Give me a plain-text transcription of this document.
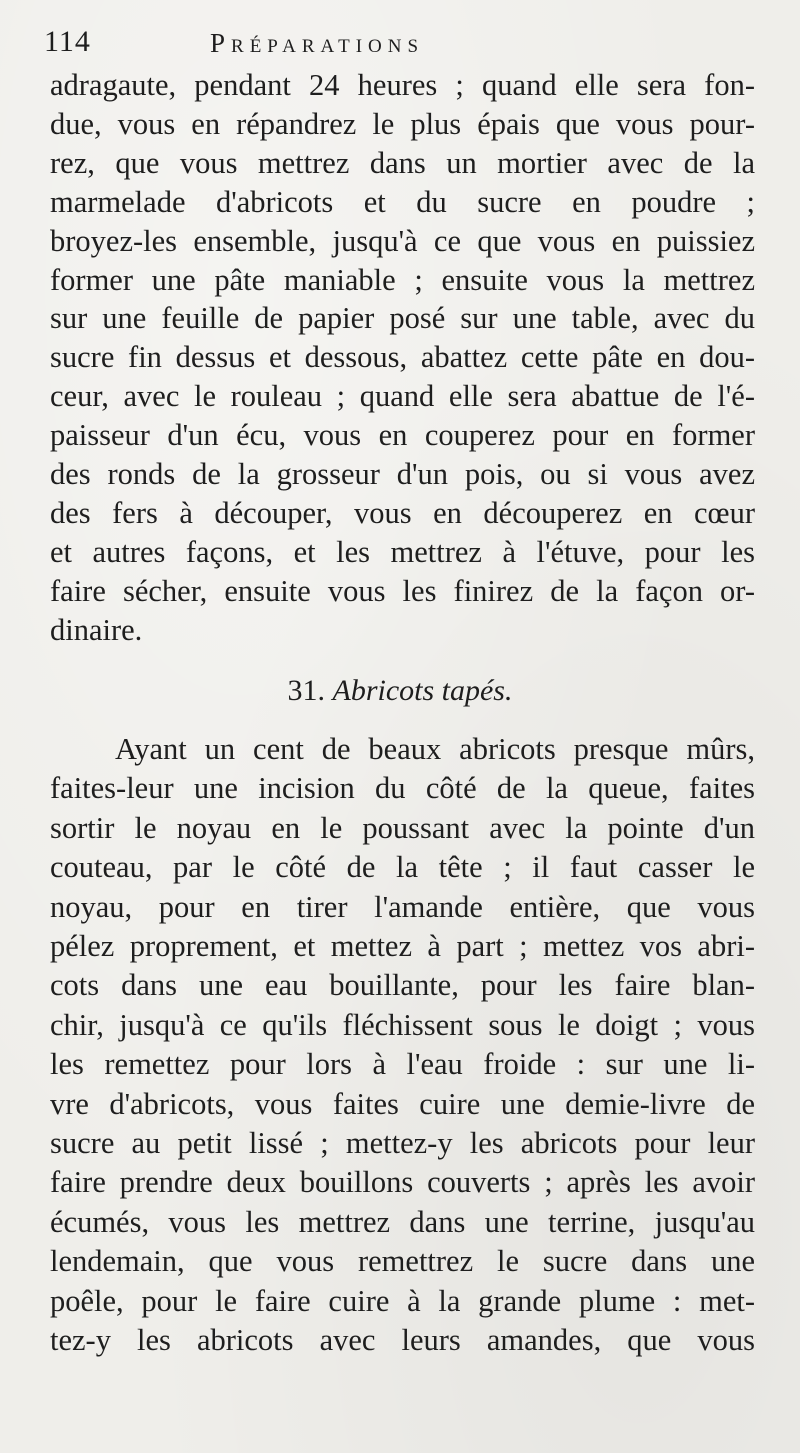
114	Préparations
adragaute, pendant 24 heures ; quand elle sera fon-
due, vous en répandrez le plus épais que vous pour-
rez, que vous mettrez dans un mortier avec de la
marmelade d'abricots et du sucre en poudre ;
broyez-les ensemble, jusqu'à ce que vous en puissiez
former une pâte maniable ; ensuite vous la mettrez
sur une feuille de papier posé sur une table, avec du
sucre fin dessus et dessous, abattez cette pâte en dou-
ceur, avec le rouleau ; quand elle sera abattue de l'é-
paisseur d'un écu, vous en couperez pour en former
des ronds de la grosseur d'un pois, ou si vous avez
des fers à découper, vous en découperez en cœur
et autres façons, et les mettrez à l'étuve, pour les
faire sécher, ensuite vous les finirez de la façon or-
dinaire.
31. Abricots tapés.
Ayant un cent de beaux abricots presque mûrs,
faites-leur une incision du côté de la queue, faites
sortir le noyau en le poussant avec la pointe d'un
couteau, par le côté de la tête ; il faut casser le
noyau, pour en tirer l'amande entière, que vous
pélez proprement, et mettez à part ; mettez vos abri-
cots dans une eau bouillante, pour les faire blan-
chir, jusqu'à ce qu'ils fléchissent sous le doigt ; vous
les remettez pour lors à l'eau froide : sur une li-
vre d'abricots, vous faites cuire une demie-livre de
sucre au petit lissé ; mettez-y les abricots pour leur
faire prendre deux bouillons couverts ; après les avoir
écumés, vous les mettrez dans une terrine, jusqu'au
lendemain, que vous remettrez le sucre dans une
poêle, pour le faire cuire à la grande plume : met-
tez-y les abricots avec leurs amandes, que vous
